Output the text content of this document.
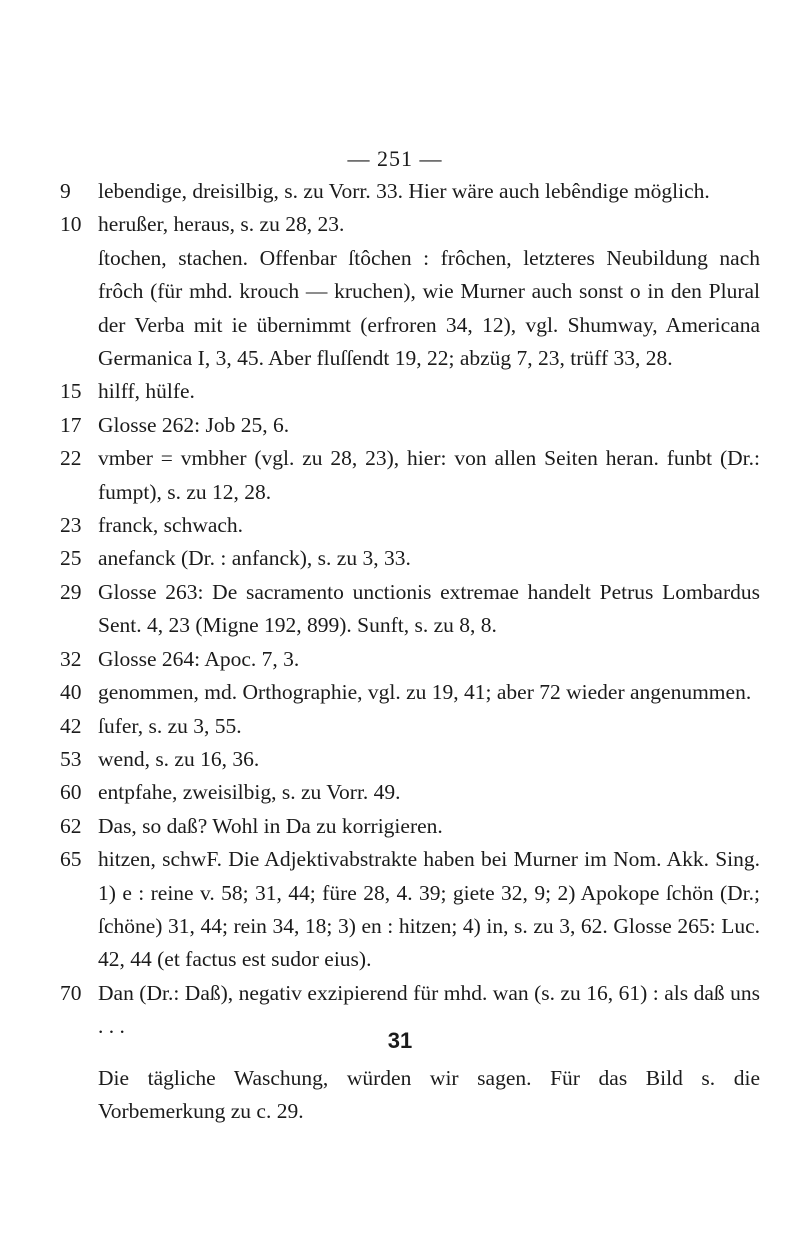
— 251 —
9	lebendige, dreisilbig, s. zu Vorr. 33. Hier wäre auch lebêndige möglich.
10 herußer, heraus, s. zu 28, 23.
ſtochen, stachen. Offenbar ſtôchen : frôchen, letzteres Neubildung nach frôch (für mhd. krouch — kruchen), wie Murner auch sonst o in den Plural der Verba mit ie übernimmt (erfroren 34, 12), vgl. Shumway, Americana Germanica I, 3, 45. Aber fluſſendt 19, 22; abzüg 7, 23, trüff 33, 28.
15 hilff, hülfe.
17 Glosse 262: Job 25, 6.
22 vmber = vmbher (vgl. zu 28, 23), hier: von allen Seiten heran. funbt (Dr.: fumpt), s. zu 12, 28.
23 franck, schwach.
25 anefanck (Dr. : anfanck), s. zu 3, 33.
29 Glosse 263: De sacramento unctionis extremae handelt Petrus Lombardus Sent. 4, 23 (Migne 192, 899). Sunft, s. zu 8, 8.
32 Glosse 264: Apoc. 7, 3.
40 genommen, md. Orthographie, vgl. zu 19, 41; aber 72 wieder angenummen.
42 ſufer, s. zu 3, 55.
53 wend, s. zu 16, 36.
60 entpfahe, zweisilbig, s. zu Vorr. 49.
62 Das, so daß? Wohl in Da zu korrigieren.
65 hitzen, schwF. Die Adjektivabstrakte haben bei Murner im Nom. Akk. Sing. 1) e : reine v. 58; 31, 44; füre 28, 4. 39; giete 32, 9; 2) Apokope ſchön (Dr.; ſchöne) 31, 44; rein 34, 18; 3) en : hitzen; 4) in, s. zu 3, 62. Glosse 265: Luc. 42, 44 (et factus est sudor eius).
70 Dan (Dr.: Daß), negativ exzipierend für mhd. wan (s. zu 16, 61) : als daß uns . . .
31
Die tägliche Waschung, würden wir sagen. Für das Bild s. die Vorbemerkung zu c. 29.
